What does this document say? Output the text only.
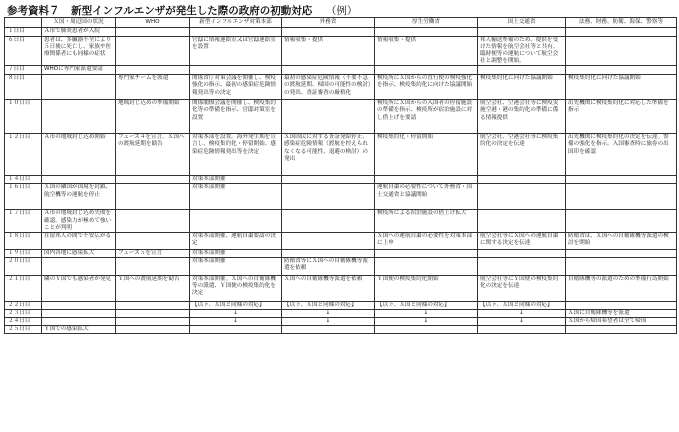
参考資料７ 新型インフルエンザが発生した際の政府の初動対応 （例）
	Ｘ国・周辺国の状況	WHO	新型インフルエンザ対策本部	外務省	厚生労働省	国土交通省	法務、財務、防衛、海保、警察等
１日目	Ａ市で肺炎患者が入院						
６日目	患者は、多臓器不全により５日後に死亡し、家族や医療関係者にも同様の症状		官邸に情報連絡室又は官邸連絡室を設置	情報収集・提供	情報収集・提供	邦人輸送準備のため、提供を受けた情報を航空会社等と共有。臨時便等の運航について航空会社と調整を開始。	
７日目	WHOに専門家派遣要請						
８日目		専門家チームを派遣	関係省庁対策会議を開催し、検疫強化の指示、最初の感染症危険情報発出等の決定	最初の感染症危険情報（不要不急の渡航延期、帰国の可能性の検討）の発出、査証審査の厳格化	検疫所にＸ国からの直行便の検疫強化を指示、検疫集約化に向けた協議開始	検疫集約化に向けた協議開始	検疫集約化に向けた協議開始
１０日目		地域封じ込めの準備開始	関係閣僚会議を開催し、検疫集約化等の準備を指示、官邸対策室を設置		検疫所にＸ国からの入国者の停留施設の準備を指示、検疫所が宿泊施設に対し借上げを要請	航空会社、空港会社等に検疫実施空港・港の集約化の準備に係る情報提供	出先機関に検疫集約化に対応した準備を指示
１２日目	Ａ市の地域封じ込め開始	フェーズ４を宣言。Ｘ国への渡航延期を勧告	対策本部を設置。海外発生期を宣言し、検疫集約化・停留開始、感染症危険情報発出等を決定	Ｘ国国民に対する査証発給停止、感染症危険情報（渡航を控えられなくなる可能性、退避の検討）の発出	検疫集約化・停留開始	航空会社、空港会社等に検疫集約化の決定を伝達	出先機関に検疫集約化の決定を伝達。警備の強化を指示。入国審査時に旅券の出国印を確認
１４日目			対策本部開催				
１６日目	Ｘ国の隣国が国境を封鎖、航空機等の運航を停止		対策本部開催		運航自粛の必要性について外務省・国土交通省と協議開始		
１７日目	Ａ市の地域封じ込め失敗を確認。感染力が極めて強いことが判明				検疫所による宿泊施設の借上げ拡大		
１８日目	在留邦人の間で不安広がる		対策本部開催、運航自粛要請の決定		Ｘ国への運航自粛の必要性を対策本部に上申	航空会社等にＸ国への運航自粛に関する決定を伝達	防衛省は、Ｘ国への自衛隊機等派遣の検討を開始
１９日目	国内各地に感染拡大	フェーズ５を宣言	対策本部開催				
２０日目			対策本部開催	防衛省等にＸ国への自衛隊機等派遣を依頼			
２１日目	隣のＹ国でも感染者が発見	Ｙ国への渡航延期を勧告	対策本部開催。Ｘ国への自衛隊機等の派遣、Ｙ国便の検疫集約化を決定	Ｘ国への自衛隊機等派遣を依頼	Ｙ国便の検疫集約化開始	航空会社等にＹ国便の検疫集約化の決定を伝達	自衛隊機等の派遣のための準備行為開始
２２日目			【以下、Ｘ国と同様の対応】	【以下、Ｘ国と同様の対応】	【以下、Ｘ国と同様の対応】	【以下、Ｘ国と同様の対応】	
２３日目			↓	↓	↓	↓	Ｘ国に自衛隊機等を派遣
２４日目			↓	↓	↓	↓	Ｘ国から帰国希望者は全て帰国
２５日目	Ｙ国での感染拡大						
